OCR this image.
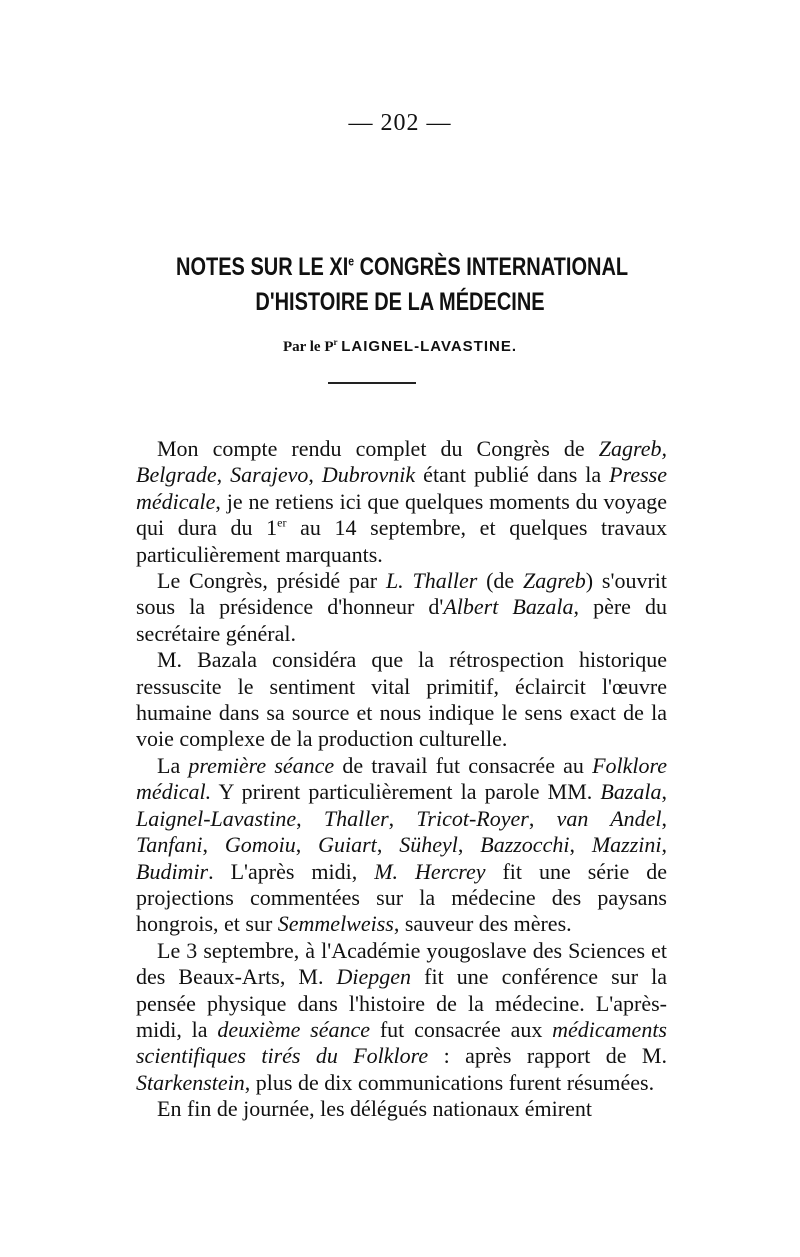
— 202 —
NOTES SUR LE XIe CONGRÈS INTERNATIONAL
D'HISTOIRE DE LA MÉDECINE
Par le $P^r$ LAIGNEL-LAVASTINE.

Mon compte rendu complet du Congrès de Zagreb, Belgrade, Sarajevo, Dubrovnik étant publié dans la Presse médicale, je ne retiens ici que quelques moments du voyage qui dura du 1er au 14 septembre, et quelques travaux particulièrement marquants.

Le Congrès, présidé par L. Thaller (de Zagreb) s'ouvrit sous la présidence d'honneur d'Albert Bazala, père du secrétaire général.

M. Bazala considéra que la rétrospection historique ressuscite le sentiment vital primitif, éclaircit l'œuvre humaine dans sa source et nous indique le sens exact de la voie complexe de la production culturelle.

La première séance de travail fut consacrée au Folklore médical. Y prirent particulièrement la parole MM. Bazala, Laignel-Lavastine, Thaller, Tricot-Royer, van Andel, Tanfani, Gomoiu, Guiart, Süheyl, Bazzocchi, Mazzini, Budimir. L'après midi, M. Hercrey fit une série de projections commentées sur la médecine des paysans hongrois, et sur Semmelweiss, sauveur des mères.

Le 3 septembre, à l'Académie yougoslave des Sciences et des Beaux-Arts, M. Diepgen fit une conférence sur la pensée physique dans l'histoire de la médecine. L'après-midi, la deuxième séance fut consacrée aux médicaments scientifiques tirés du Folklore : après rapport de M. Starkenstein, plus de dix communications furent résumées.

En fin de journée, les délégués nationaux émirent
